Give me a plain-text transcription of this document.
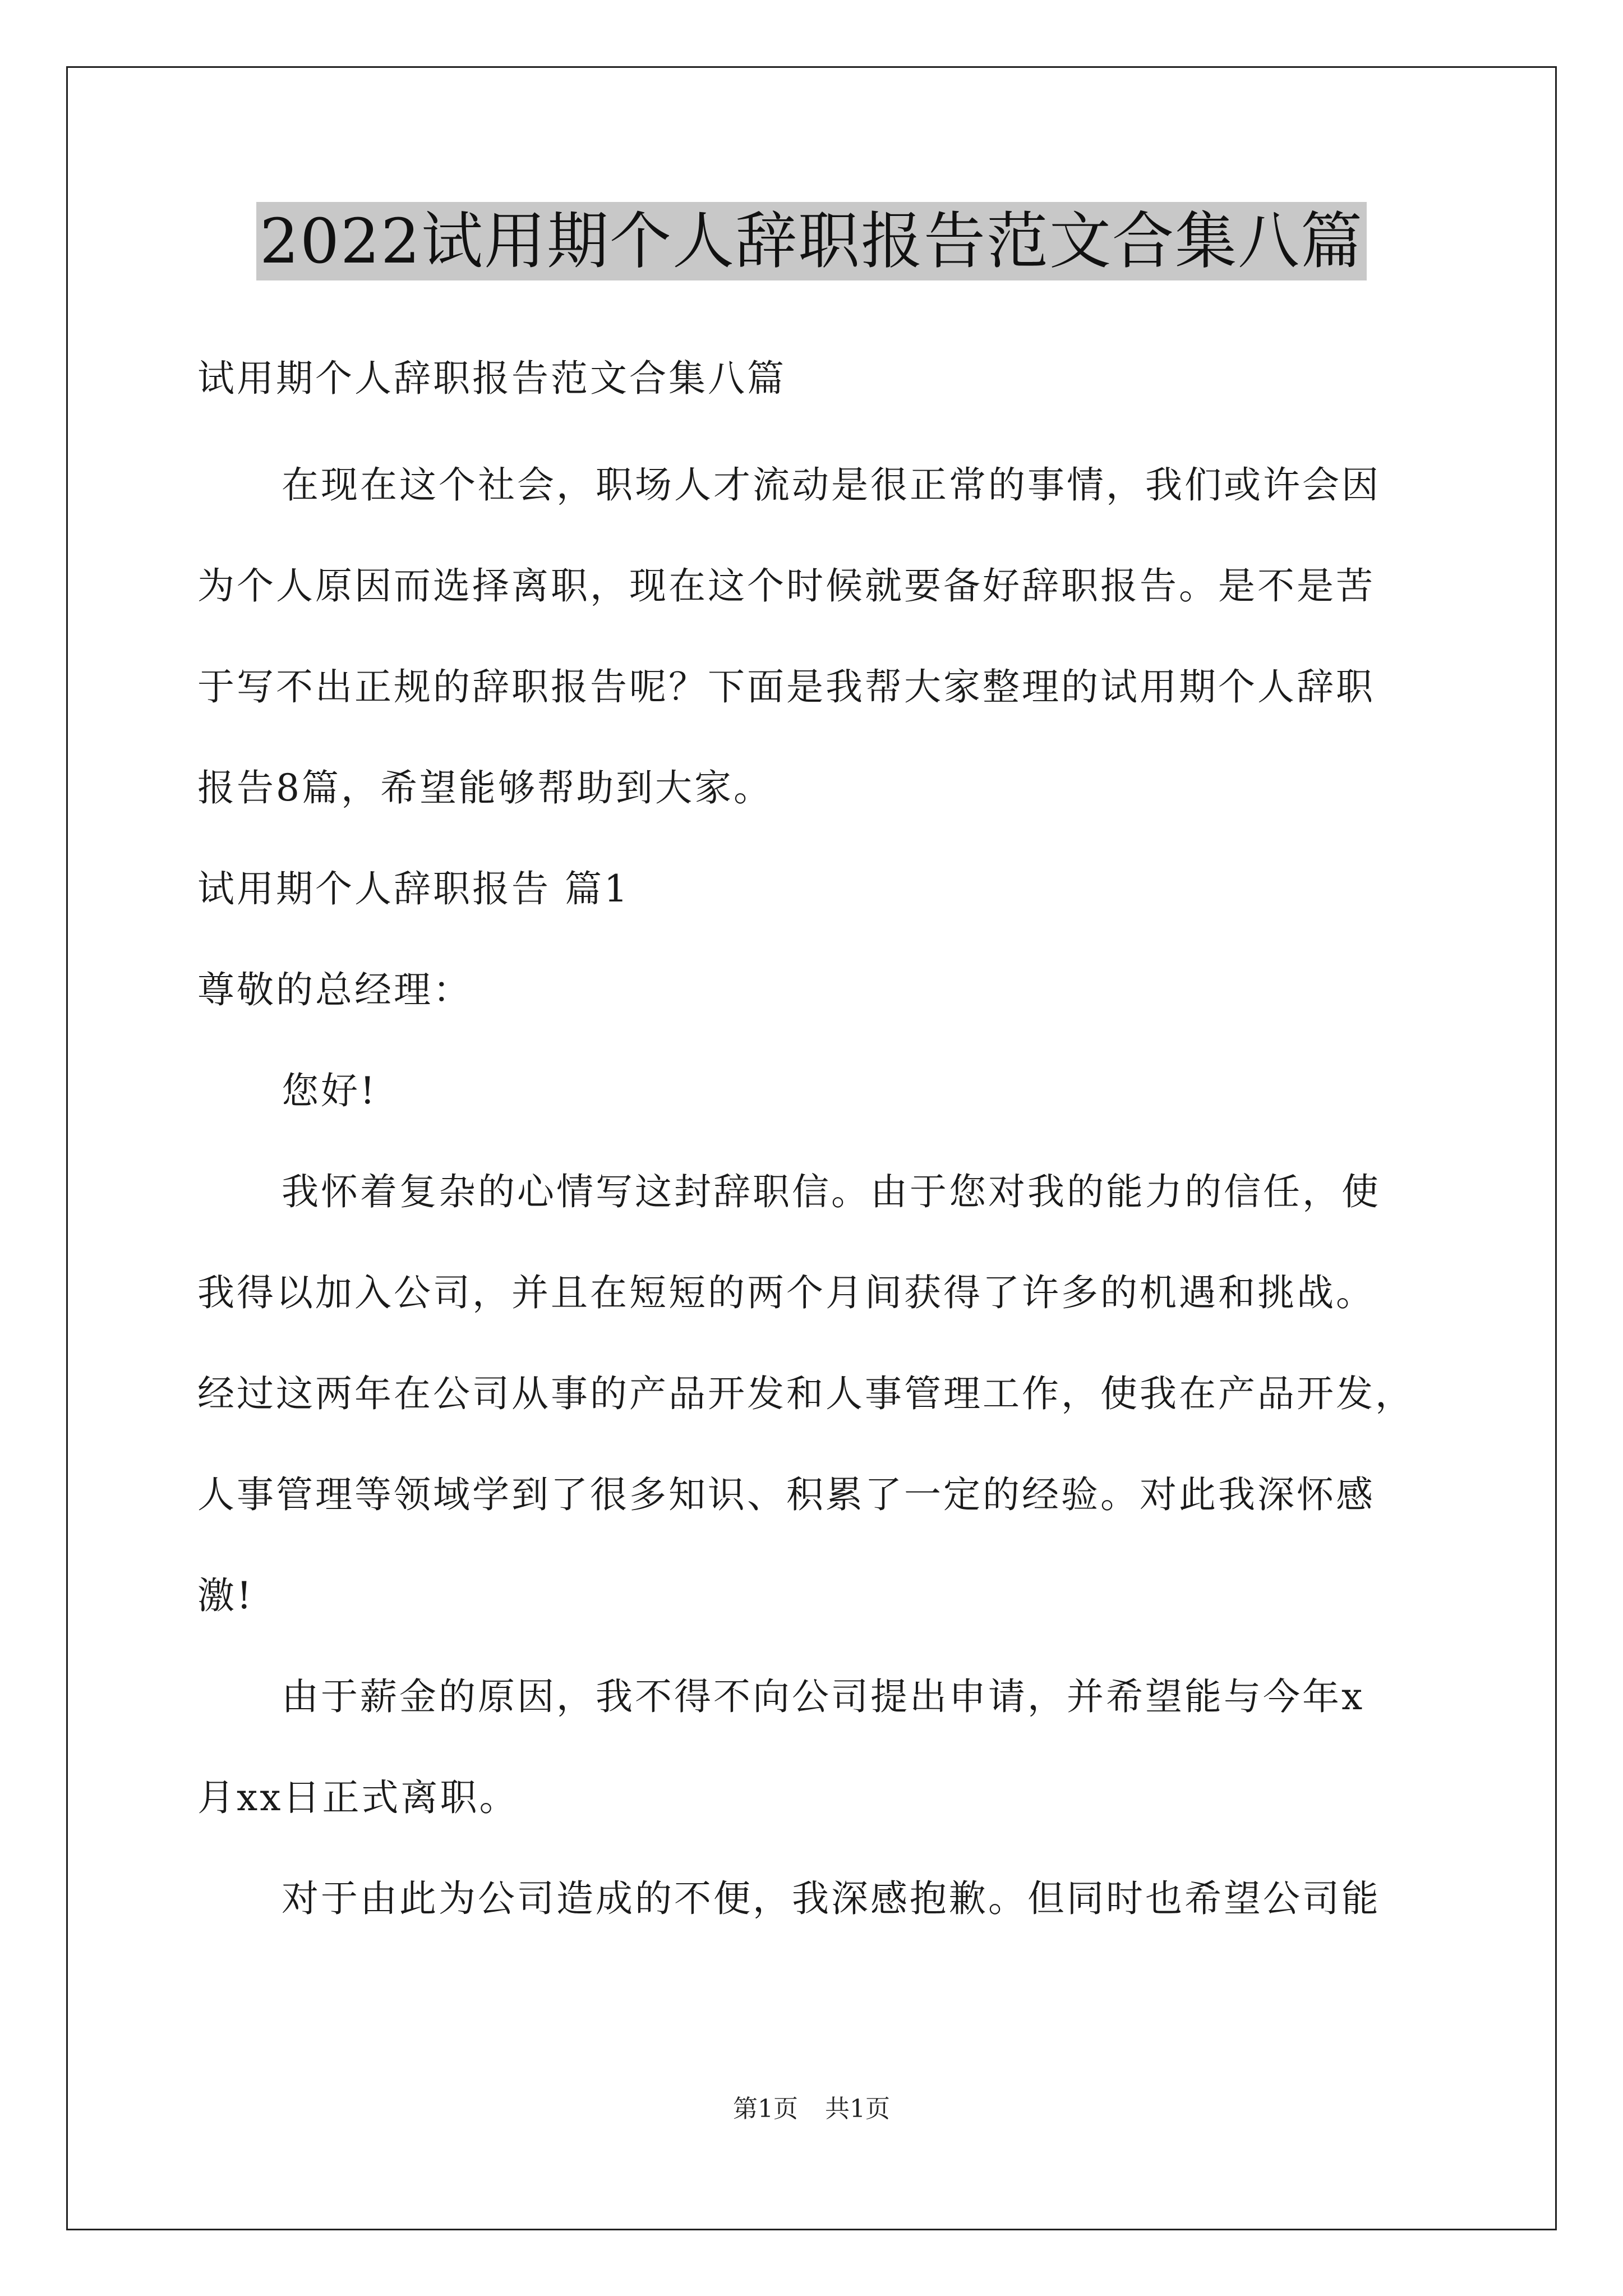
2022试用期个人辞职报告范文合集八篇
试用期个人辞职报告范文合集八篇
在现在这个社会，职场人才流动是很正常的事情，我们或许会因
为个人原因而选择离职，现在这个时候就要备好辞职报告。是不是苦
于写不出正规的辞职报告呢？下面是我帮大家整理的试用期个人辞职
报告8篇，希望能够帮助到大家。
试用期个人辞职报告 篇1
尊敬的总经理：
您好!
我怀着复杂的心情写这封辞职信。由于您对我的能力的信任，使
我得以加入公司，并且在短短的两个月间获得了许多的机遇和挑战。
经过这两年在公司从事的产品开发和人事管理工作，使我在产品开发，
人事管理等领域学到了很多知识、积累了一定的经验。对此我深怀感
激!
由于薪金的原因，我不得不向公司提出申请，并希望能与今年x
月xx日正式离职。
对于由此为公司造成的不便，我深感抱歉。但同时也希望公司能
第1页 共1页
